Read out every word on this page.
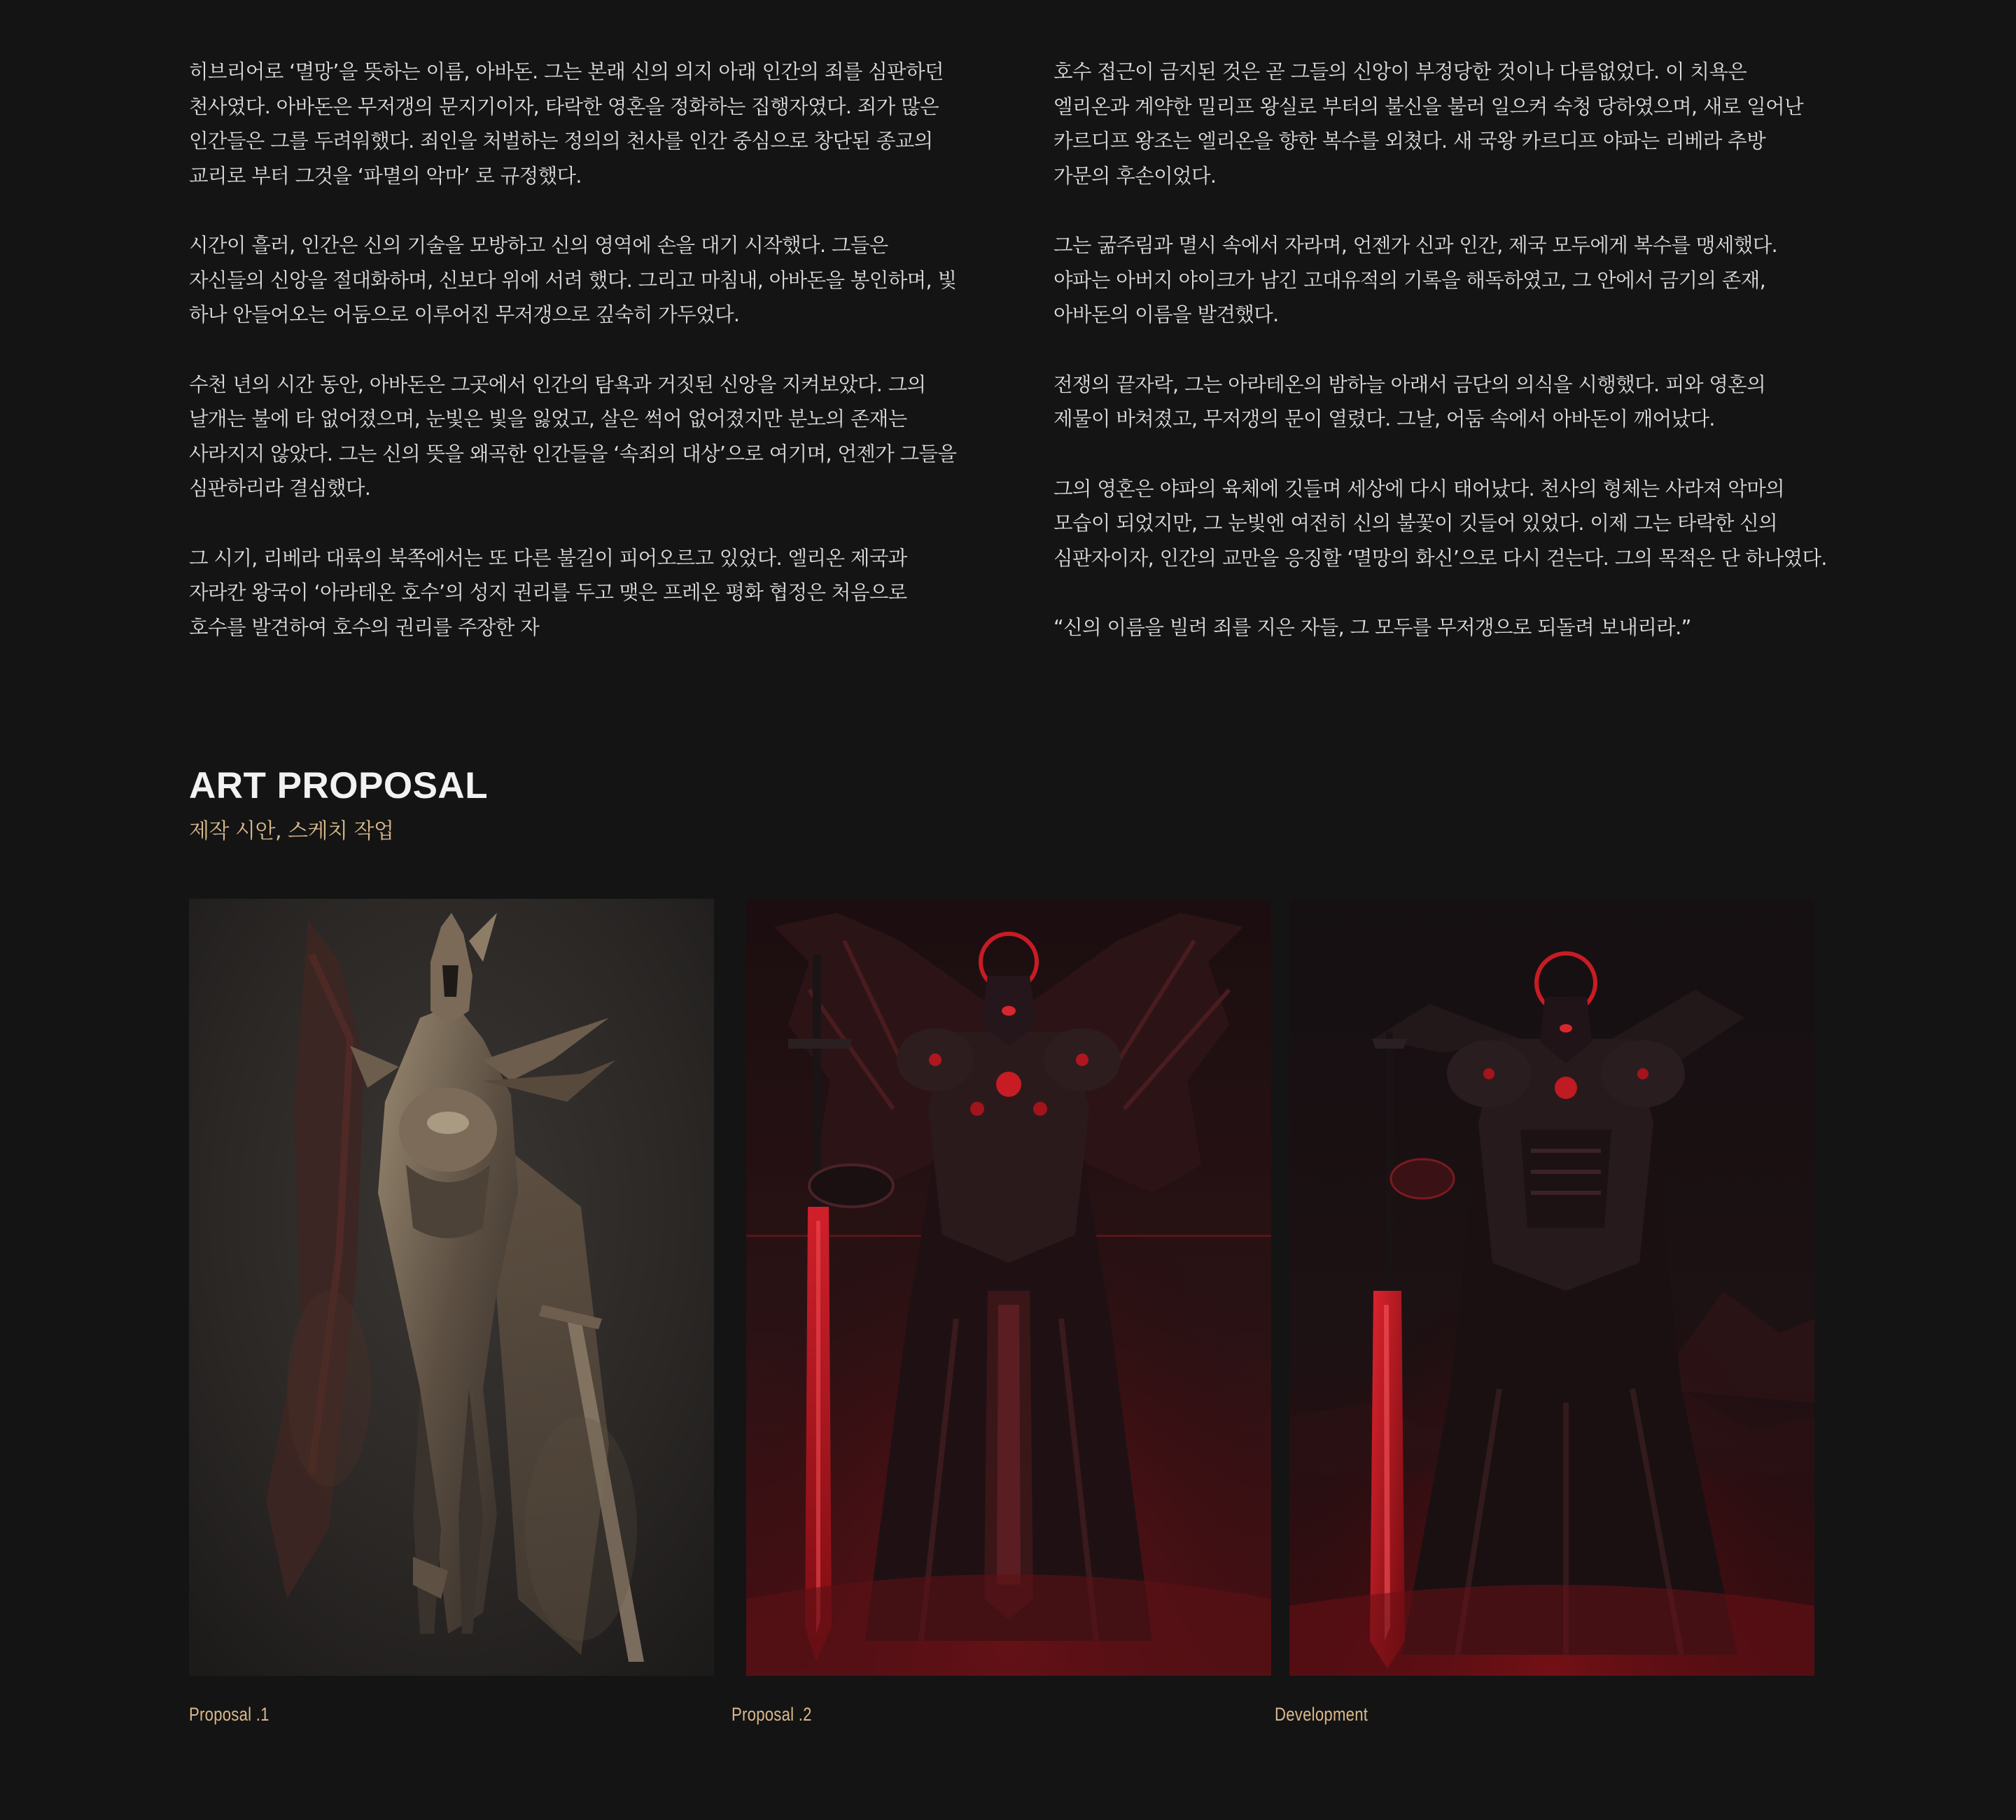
히브리어로 ‘멸망’을 뜻하는 이름, 아바돈. 그는 본래 신의 의지 아래 인간의 죄를 심판하던 천사였다. 아바돈은 무저갱의 문지기이자, 타락한 영혼을 정화하는 집행자였다. 죄가 많은 인간들은 그를 두려워했다. 죄인을 처벌하는 정의의 천사를 인간 중심으로 창단된 종교의 교리로 부터 그것을 ‘파멸의 악마’ 로 규정했다.

시간이 흘러, 인간은 신의 기술을 모방하고 신의 영역에 손을 대기 시작했다. 그들은 자신들의 신앙을 절대화하며, 신보다 위에 서려 했다. 그리고 마침내, 아바돈을 봉인하며, 빛 하나 안들어오는 어둠으로 이루어진 무저갱으로 깊숙히 가두었다.

수천 년의 시간 동안, 아바돈은 그곳에서 인간의 탐욕과 거짓된 신앙을 지켜보았다. 그의 날개는 불에 타 없어졌으며, 눈빛은 빛을 잃었고, 살은 썩어 없어졌지만 분노의 존재는 사라지지 않았다. 그는 신의 뜻을 왜곡한 인간들을 ‘속죄의 대상’으로 여기며, 언젠가 그들을 심판하리라 결심했다.

그 시기, 리베라 대륙의 북쪽에서는 또 다른 불길이 피어오르고 있었다. 엘리온 제국과 자라칸 왕국이 ‘아라테온 호수’의 성지 권리를 두고 맺은 프레온 평화 협정은 처음으로 호수를 발견하여 호수의 권리를 주장한 자

호수 접근이 금지된 것은 곧 그들의 신앙이 부정당한 것이나 다름없었다. 이 치욕은 엘리온과 계약한 밀리프 왕실로 부터의 불신을 불러 일으켜 숙청 당하였으며, 새로 일어난 카르디프 왕조는 엘리온을 향한 복수를 외쳤다. 새 국왕 카르디프 야파는 리베라 추방 가문의 후손이었다.

그는 굶주림과 멸시 속에서 자라며, 언젠가 신과 인간, 제국 모두에게 복수를 맹세했다. 야파는 아버지 야이크가 남긴 고대유적의 기록을 해독하였고, 그 안에서 금기의 존재, 아바돈의 이름을 발견했다.

전쟁의 끝자락, 그는 아라테온의 밤하늘 아래서 금단의 의식을 시행했다. 피와 영혼의 제물이 바쳐졌고, 무저갱의 문이 열렸다. 그날, 어둠 속에서 아바돈이 깨어났다.

그의 영혼은 야파의 육체에 깃들며 세상에 다시 태어났다. 천사의 형체는 사라져 악마의 모습이 되었지만, 그 눈빛엔 여전히 신의 불꽃이 깃들어 있었다. 이제 그는 타락한 신의 심판자이자, 인간의 교만을 응징할 ‘멸망의 화신’으로 다시 걷는다. 그의 목적은 단 하나였다.

“신의 이름을 빌려 죄를 지은 자들, 그 모두를 무저갱으로 되돌려 보내리라.”

ART PROPOSAL
제작 시안, 스케치 작업
Proposal .1	Proposal .2	Development
